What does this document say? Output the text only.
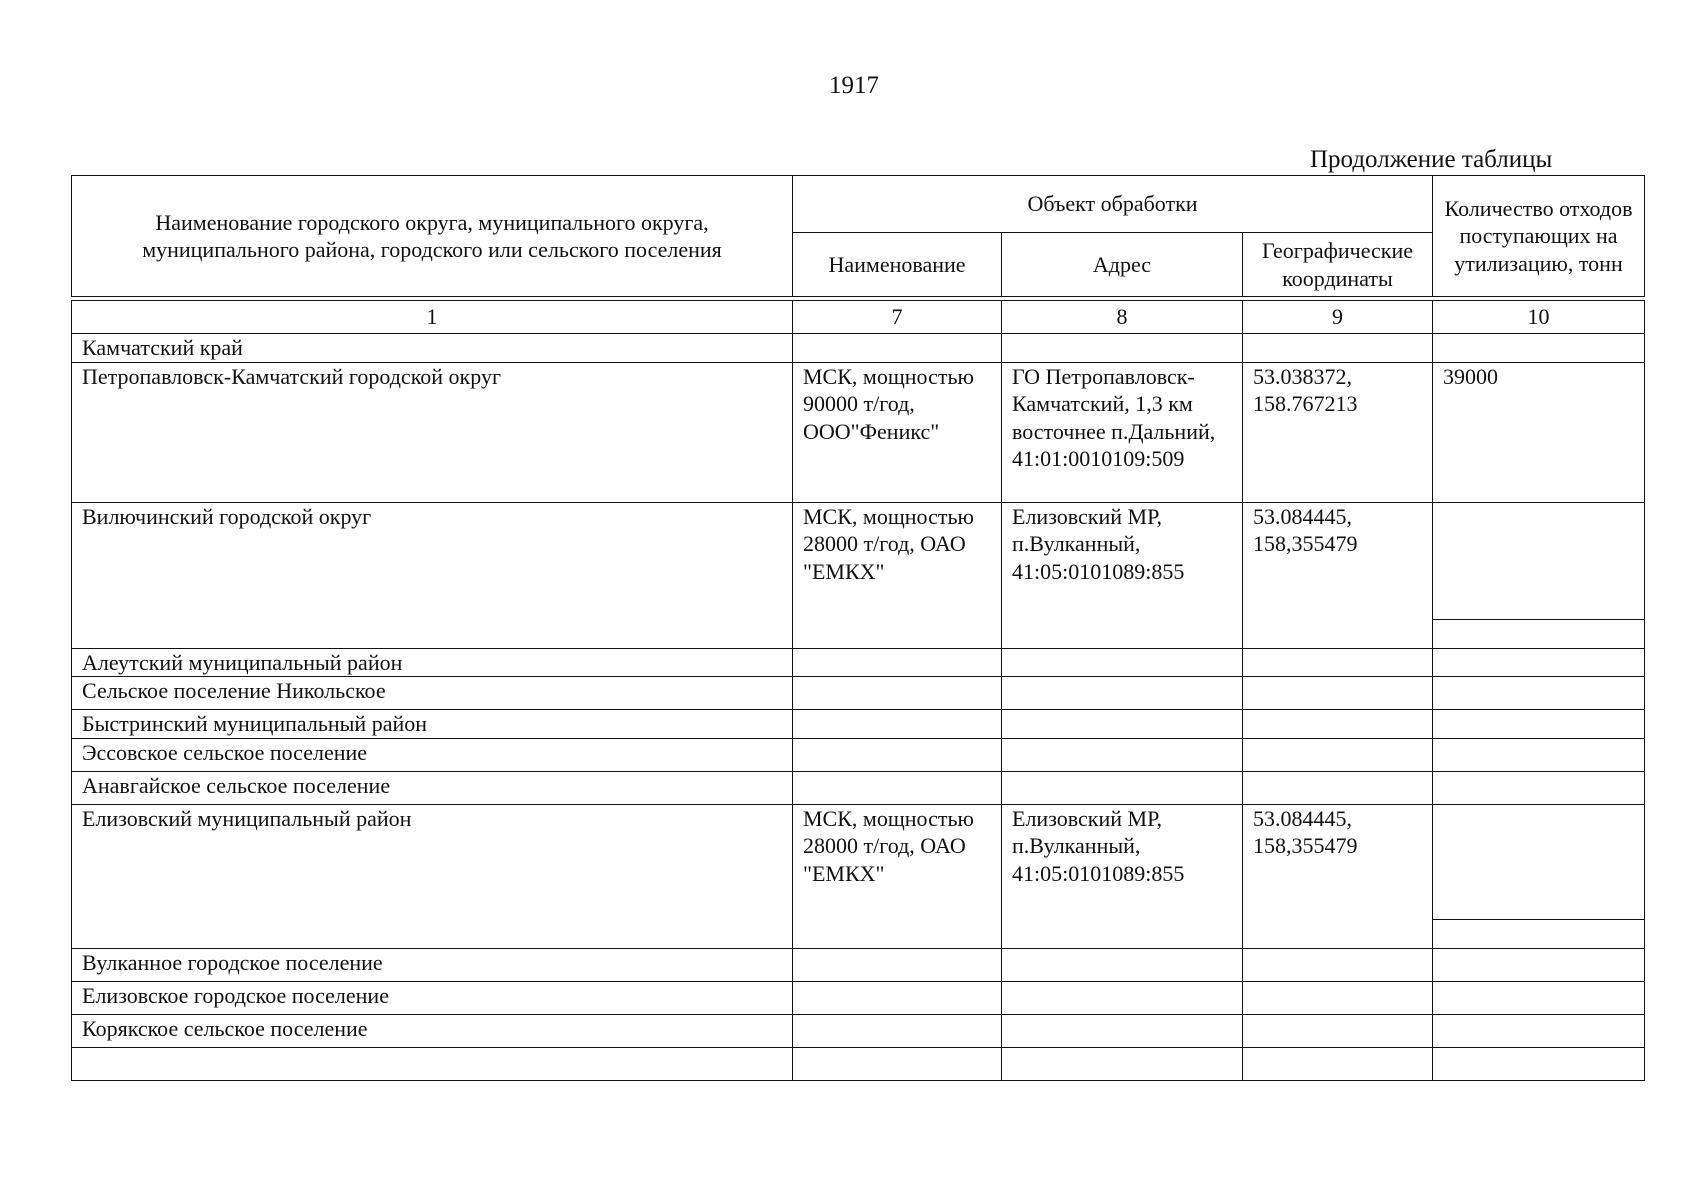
1917
Продолжение таблицы
Наименование городского округа, муниципального округа, муниципального района, городского или сельского поселения	Объект обработки			Количество отходов поступающих на утилизацию, тонн
	Наименование	Адрес	Географические координаты	

1	7	8	9	10
Камчатский край				
Петропавловск-Камчатский городской округ	МСК, мощностью 90000 т/год, ООО"Феникс"	ГО Петропавловск-Камчатский, 1,3 км восточнее п.Дальний, 41:01:0010109:509	53.038372, 158.767213	39000
Вилючинский городской округ	МСК, мощностью 28000 т/год, ОАО "ЕМКХ"	Елизовский МР, п.Вулканный, 41:05:0101089:855	53.084445, 158,355479	

Алеутский муниципальный район				
Сельское поселение Никольское				
Быстринский муниципальный район				
Эссовское сельское поселение				
Анавгайское сельское поселение				
Елизовский муниципальный район	МСК, мощностью 28000 т/год, ОАО "ЕМКХ"	Елизовский МР, п.Вулканный, 41:05:0101089:855	53.084445, 158,355479	

Вулканное городское поселение				
Елизовское городское поселение				
Корякское сельское поселение				
